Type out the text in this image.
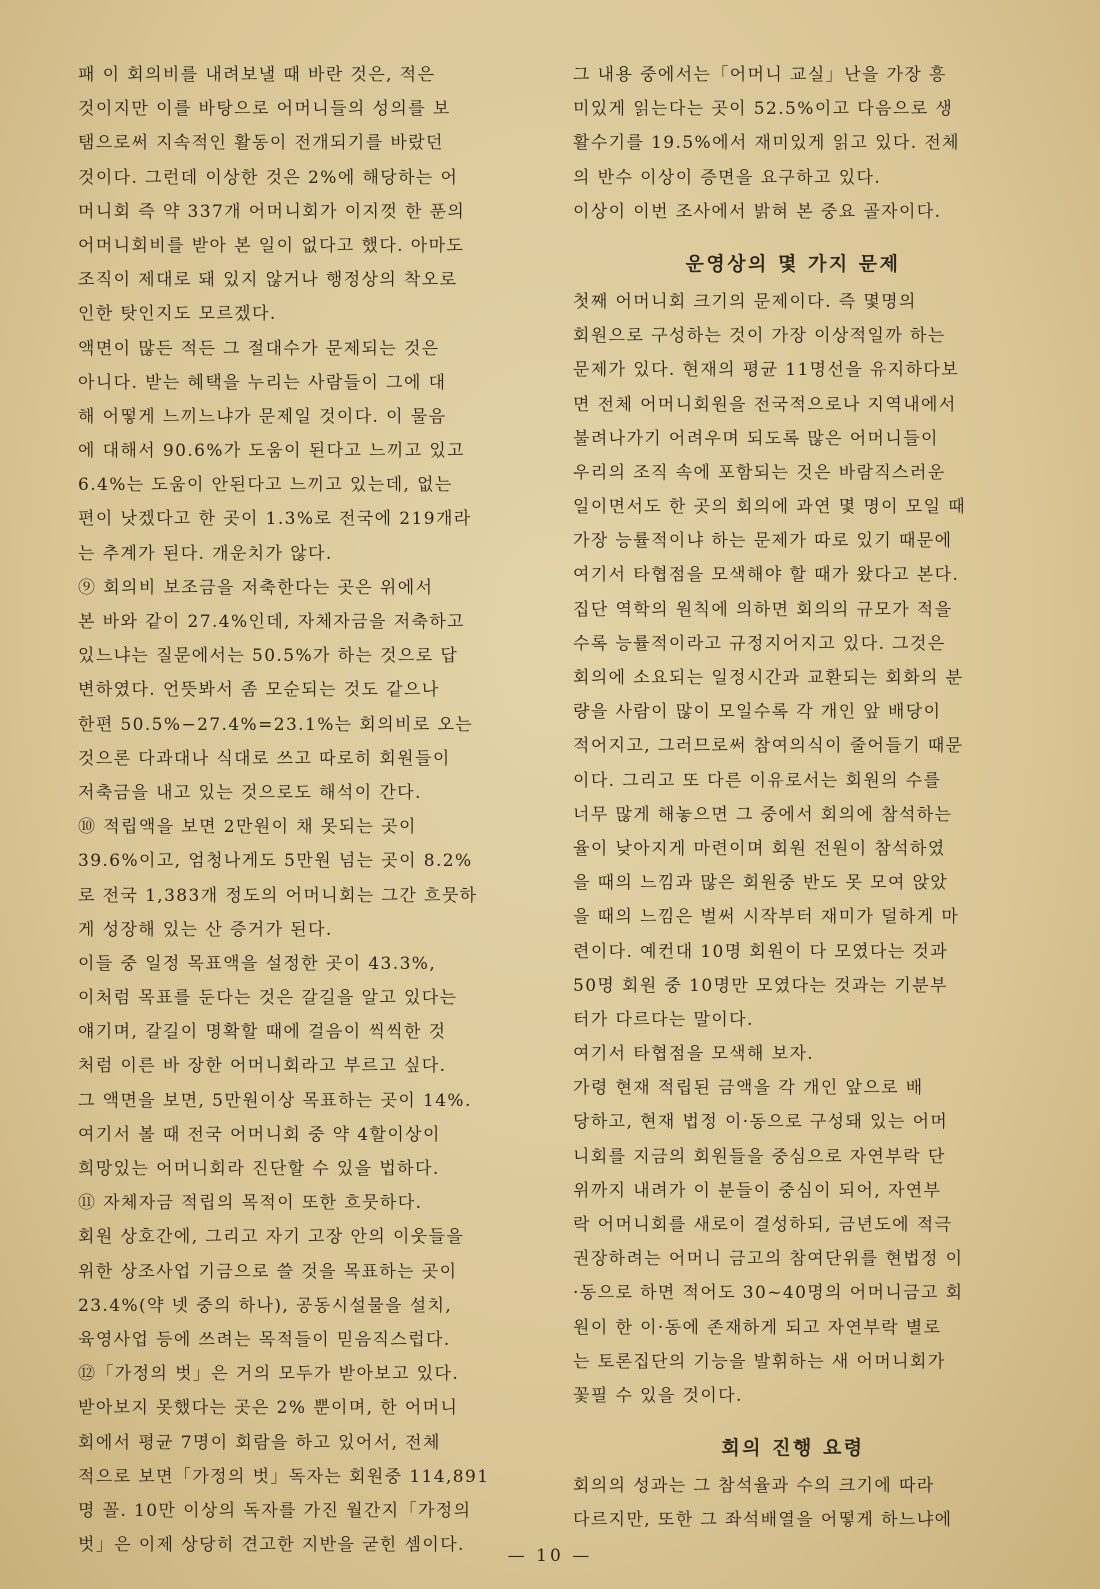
패 이 회의비를 내려보낼 때 바란 것은, 적은
것이지만 이를 바탕으로 어머니들의 성의를 보
탬으로써 지속적인 활동이 전개되기를 바랐던
것이다. 그런데 이상한 것은 2%에 해당하는 어
머니회 즉 약 337개 어머니회가 이지껏 한 푼의
어머니회비를 받아 본 일이 없다고 했다. 아마도
조직이 제대로 돼 있지 않거나 행정상의 착오로
인한 탓인지도 모르겠다.
액면이 많든 적든 그 절대수가 문제되는 것은
아니다. 받는 혜택을 누리는 사람들이 그에 대
해 어떻게 느끼느냐가 문제일 것이다. 이 물음
에 대해서 90.6%가 도움이 된다고 느끼고 있고
6.4%는 도움이 안된다고 느끼고 있는데, 없는
편이 낫겠다고 한 곳이 1.3%로 전국에 219개라
는 추계가 된다. 개운치가 않다.
⑨ 회의비 보조금을 저축한다는 곳은 위에서
본 바와 같이 27.4%인데, 자체자금을 저축하고
있느냐는 질문에서는 50.5%가 하는 것으로 답
변하였다. 언뜻봐서 좀 모순되는 것도 같으나
한편 50.5%−27.4%=23.1%는 회의비로 오는
것으론 다과대나 식대로 쓰고 따로히 회원들이
저축금을 내고 있는 것으로도 해석이 간다.
⑩ 적립액을 보면 2만원이 채 못되는 곳이
39.6%이고, 엄청나게도 5만원 넘는 곳이 8.2%
로 전국 1,383개 정도의 어머니회는 그간 흐뭇하
게 성장해 있는 산 증거가 된다.
이들 중 일정 목표액을 설정한 곳이 43.3%,
이처럼 목표를 둔다는 것은 갈길을 알고 있다는
얘기며, 갈길이 명확할 때에 걸음이 씩씩한 것
처럼 이른 바 장한 어머니회라고 부르고 싶다.
그 액면을 보면, 5만원이상 목표하는 곳이 14%.
여기서 볼 때 전국 어머니회 중 약 4할이상이
희망있는 어머니회라 진단할 수 있을 법하다.
⑪ 자체자금 적립의 목적이 또한 흐뭇하다.
회원 상호간에, 그리고 자기 고장 안의 이웃들을
위한 상조사업 기금으로 쓸 것을 목표하는 곳이
23.4%(약 넷 중의 하나), 공동시설물을 설치,
육영사업 등에 쓰려는 목적들이 믿음직스럽다.
⑫「가정의 벗」은 거의 모두가 받아보고 있다.
받아보지 못했다는 곳은 2% 뿐이며, 한 어머니
회에서 평균 7명이 회람을 하고 있어서, 전체
적으로 보면「가정의 벗」독자는 회원중 114,891
명 꼴. 10만 이상의 독자를 가진 월간지「가정의
벗」은 이제 상당히 견고한 지반을 굳힌 셈이다.
그 내용 중에서는「어머니 교실」난을 가장 흥
미있게 읽는다는 곳이 52.5%이고 다음으로 생
활수기를 19.5%에서 재미있게 읽고 있다. 전체
의 반수 이상이 증면을 요구하고 있다.
이상이 이번 조사에서 밝혀 본 중요 골자이다.
운영상의 몇 가지 문제
첫째 어머니회 크기의 문제이다. 즉 몇명의
회원으로 구성하는 것이 가장 이상적일까 하는
문제가 있다. 현재의 평균 11명선을 유지하다보
면 전체 어머니회원을 전국적으로나 지역내에서
불려나가기 어려우며 되도록 많은 어머니들이
우리의 조직 속에 포함되는 것은 바람직스러운
일이면서도 한 곳의 회의에 과연 몇 명이 모일 때
가장 능률적이냐 하는 문제가 따로 있기 때문에
여기서 타협점을 모색해야 할 때가 왔다고 본다.
집단 역학의 원칙에 의하면 회의의 규모가 적을
수록 능률적이라고 규정지어지고 있다. 그것은
회의에 소요되는 일정시간과 교환되는 회화의 분
량을 사람이 많이 모일수록 각 개인 앞 배당이
적어지고, 그러므로써 참여의식이 줄어들기 때문
이다. 그리고 또 다른 이유로서는 회원의 수를
너무 많게 해놓으면 그 중에서 회의에 참석하는
율이 낮아지게 마련이며 회원 전원이 참석하였
을 때의 느낌과 많은 회원중 반도 못 모여 앉았
을 때의 느낌은 벌써 시작부터 재미가 덜하게 마
련이다. 예컨대 10명 회원이 다 모였다는 것과
50명 회원 중 10명만 모였다는 것과는 기분부
터가 다르다는 말이다.
여기서 타협점을 모색해 보자.
가령 현재 적립된 금액을 각 개인 앞으로 배
당하고, 현재 법정 이·동으로 구성돼 있는 어머
니회를 지금의 회원들을 중심으로 자연부락 단
위까지 내려가 이 분들이 중심이 되어, 자연부
락 어머니회를 새로이 결성하되, 금년도에 적극
권장하려는 어머니 금고의 참여단위를 현법정 이
·동으로 하면 적어도 30~40명의 어머니금고 회
원이 한 이·동에 존재하게 되고 자연부락 별로
는 토론집단의 기능을 발휘하는 새 어머니회가
꽃필 수 있을 것이다.
회의 진행 요령
회의의 성과는 그 참석율과 수의 크기에 따라
다르지만, 또한 그 좌석배열을 어떻게 하느냐에
— 10 —
